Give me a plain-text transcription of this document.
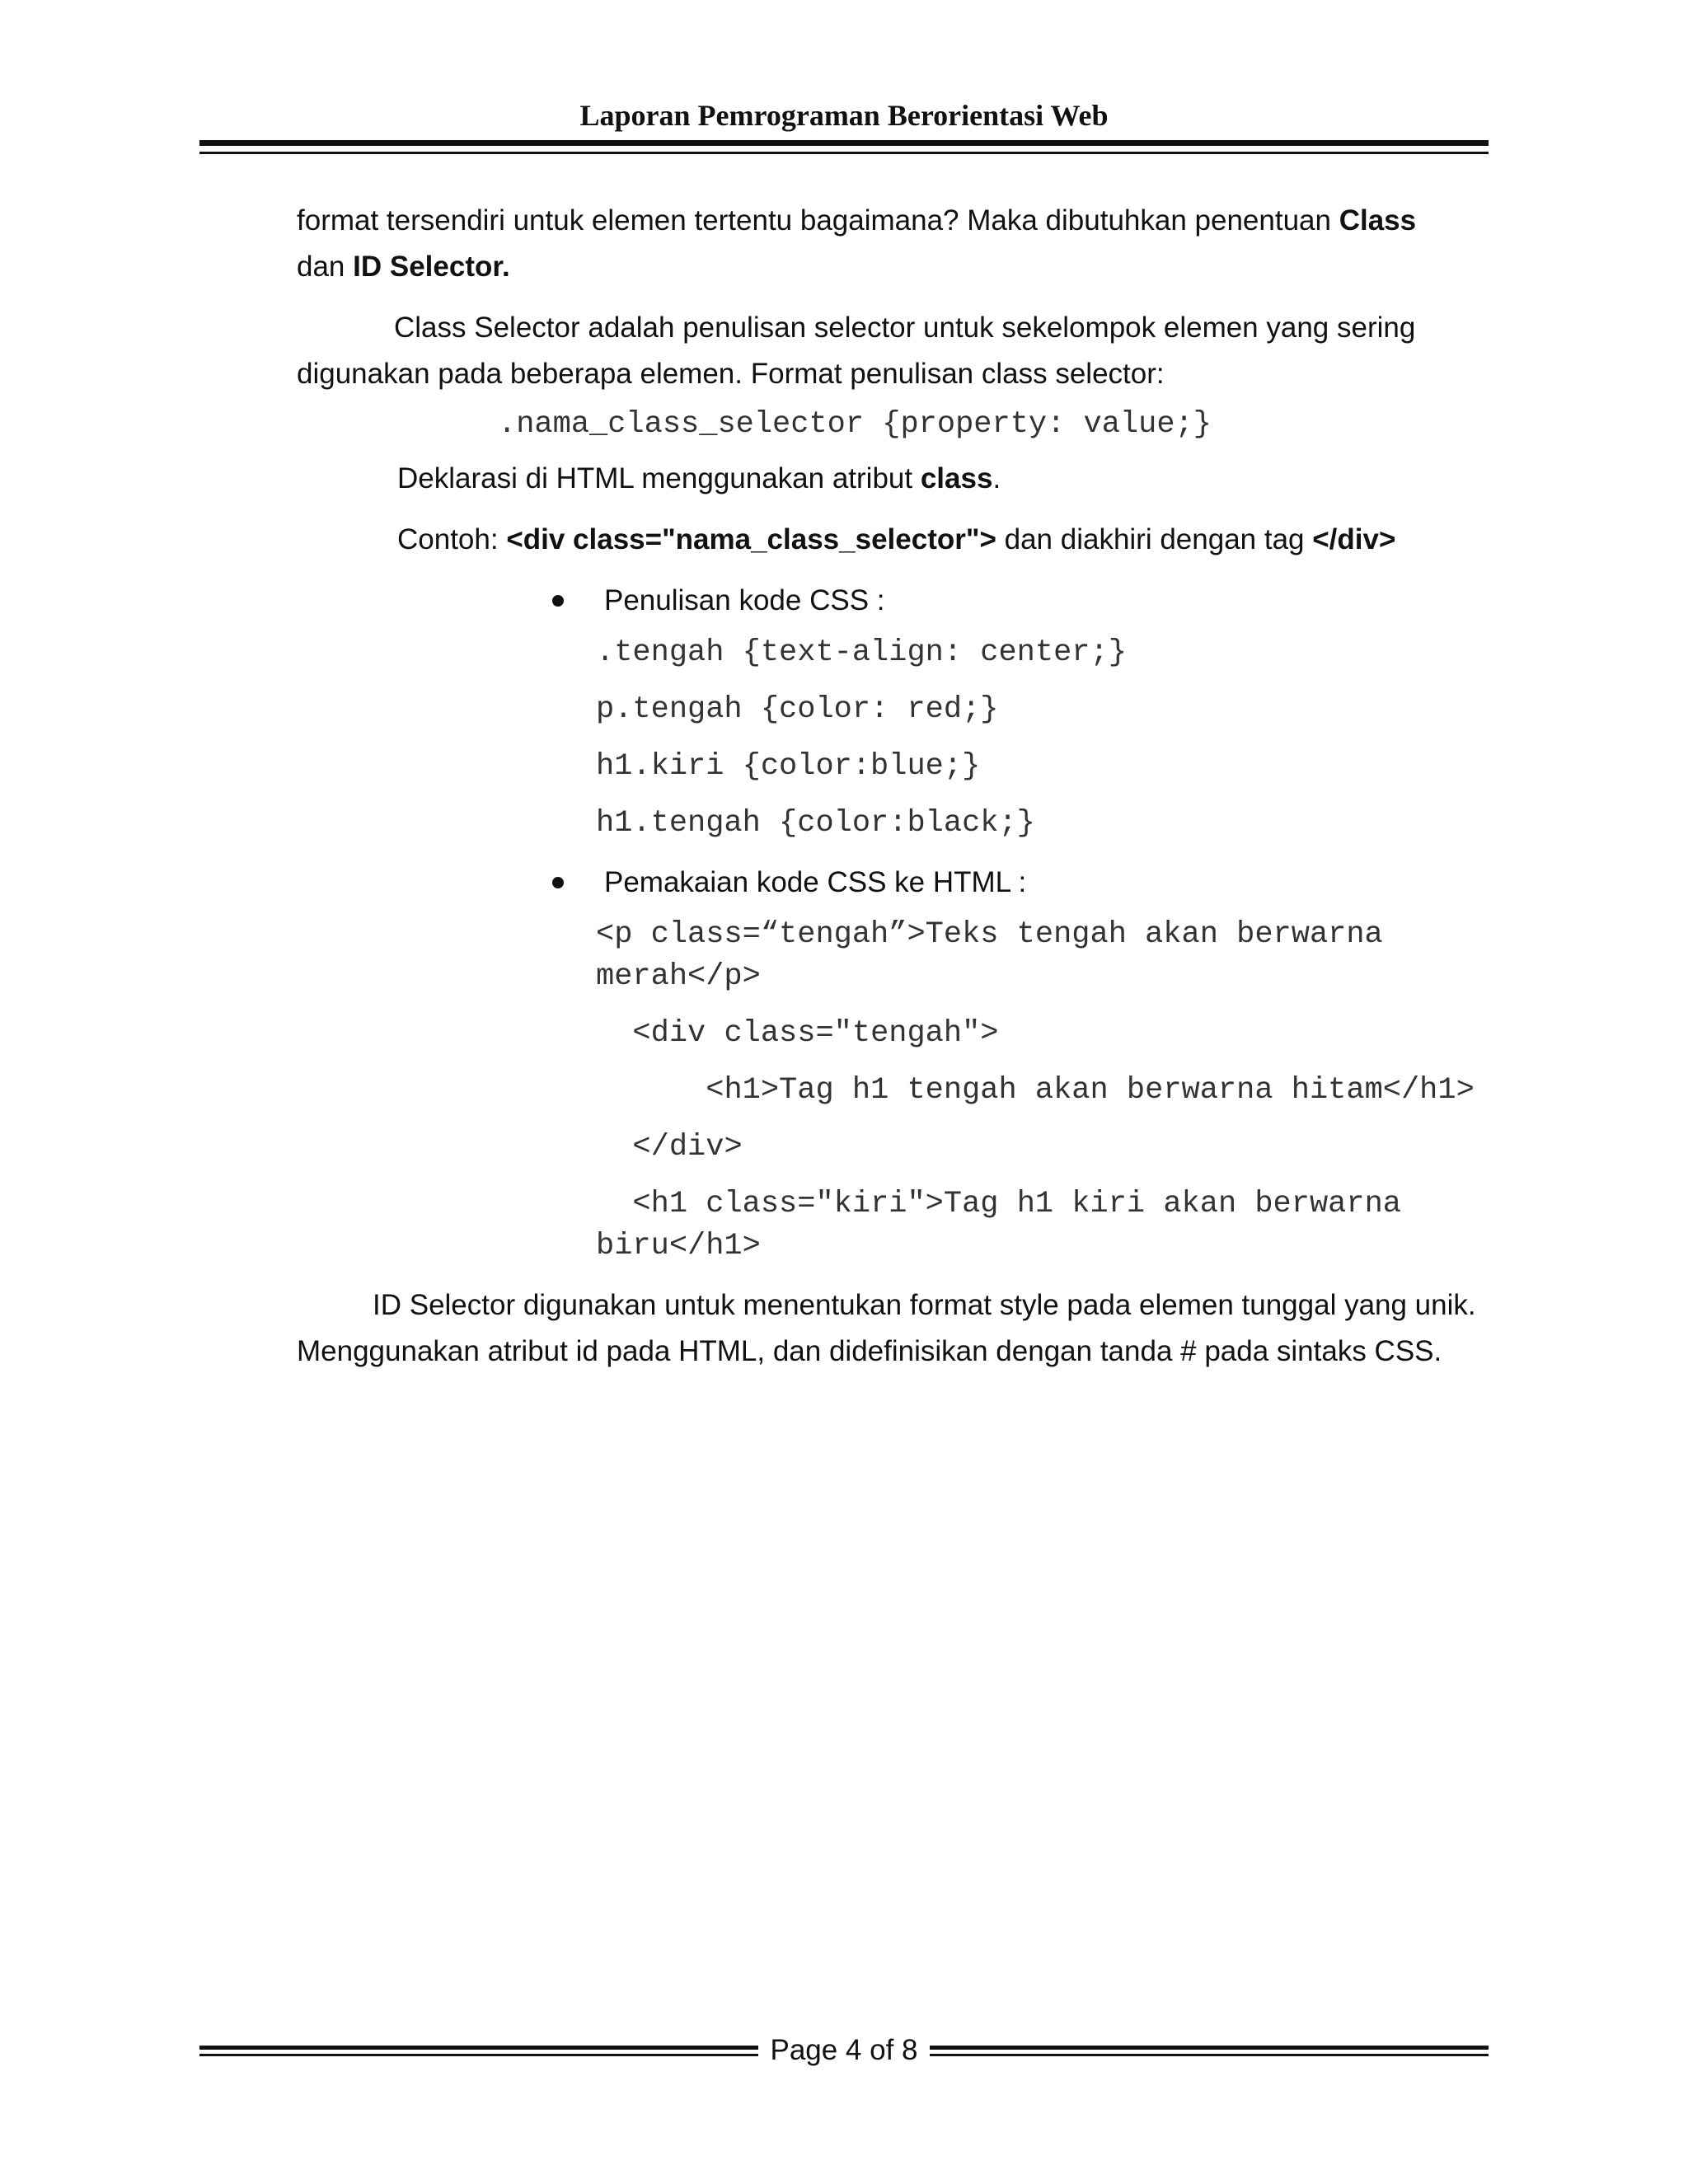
Laporan Pemrograman Berorientasi Web

format tersendiri untuk elemen tertentu bagaimana? Maka dibutuhkan penentuan Class
dan ID Selector.

Class Selector adalah penulisan selector untuk sekelompok elemen yang sering digunakan pada beberapa elemen. Format penulisan class selector:

.nama_class_selector {property: value;}

Deklarasi di HTML menggunakan atribut class.

Contoh: <div class="nama_class_selector"> dan diakhiri dengan tag </div>

Penulisan kode CSS :

.tengah {text-align: center;}

p.tengah {color: red;}

h1.kiri {color:blue;}

h1.tengah {color:black;}

Pemakaian kode CSS ke HTML :

<p class=“tengah”>Teks tengah akan berwarna merah</p>

<div class="tengah">

<h1>Tag h1 tengah akan berwarna hitam</h1>

</div>

<h1 class="kiri">Tag h1 kiri akan berwarna biru</h1>

ID Selector digunakan untuk menentukan format style pada elemen tunggal yang unik. Menggunakan atribut id pada HTML, dan didefinisikan dengan tanda # pada sintaks CSS.

Page 4 of 8
